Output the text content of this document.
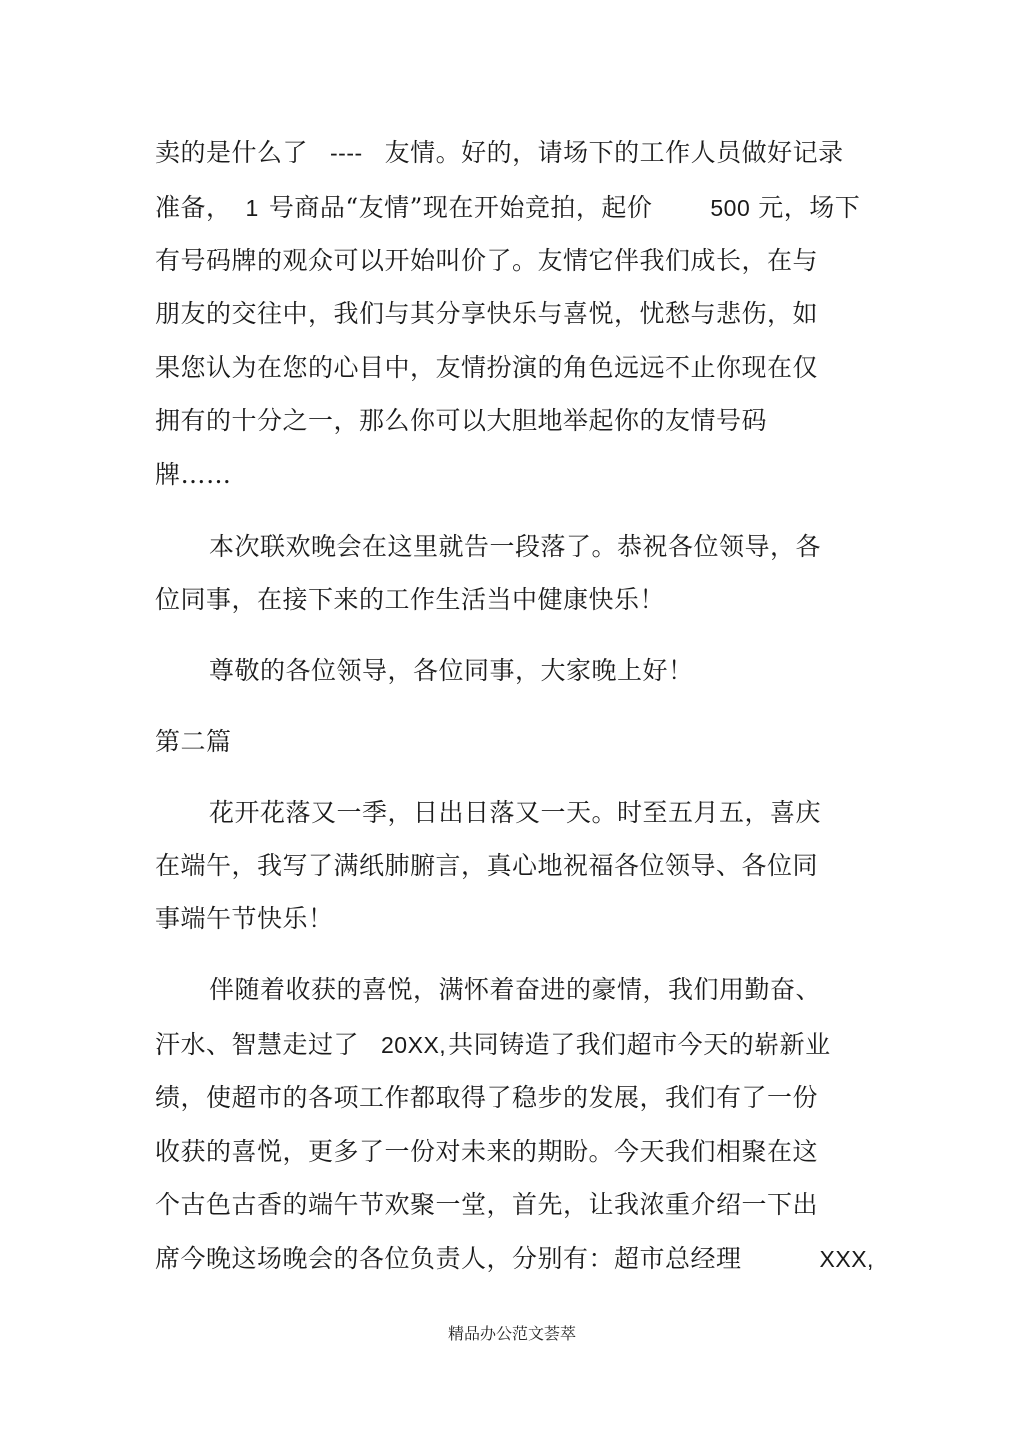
卖的是什么了 ---- 友情。好的，请场下的工作人员做好记录
准备， 1 号商品“友情”现在开始竞拍，起价	500 元，场下
有号码牌的观众可以开始叫价了。友情它伴我们成长，在与
朋友的交往中，我们与其分享快乐与喜悦，忧愁与悲伤，如
果您认为在您的心目中，友情扮演的角色远远不止你现在仅
拥有的十分之一，那么你可以大胆地举起你的友情号码
牌……
本次联欢晚会在这里就告一段落了。恭祝各位领导，各
位同事，在接下来的工作生活当中健康快乐！
尊敬的各位领导，各位同事，大家晚上好！
第二篇
花开花落又一季，日出日落又一天。时至五月五，喜庆
在端午，我写了满纸肺腑言，真心地祝福各位领导、各位同
事端午节快乐！
伴随着收获的喜悦，满怀着奋进的豪情，我们用勤奋、
汗水、智慧走过了 20XX,共同铸造了我们超市今天的崭新业
绩，使超市的各项工作都取得了稳步的发展，我们有了一份
收获的喜悦，更多了一份对未来的期盼。今天我们相聚在这
个古色古香的端午节欢聚一堂，首先，让我浓重介绍一下出
席今晚这场晚会的各位负责人，分别有：超市总经理	XXX,
精品办公范文荟萃
